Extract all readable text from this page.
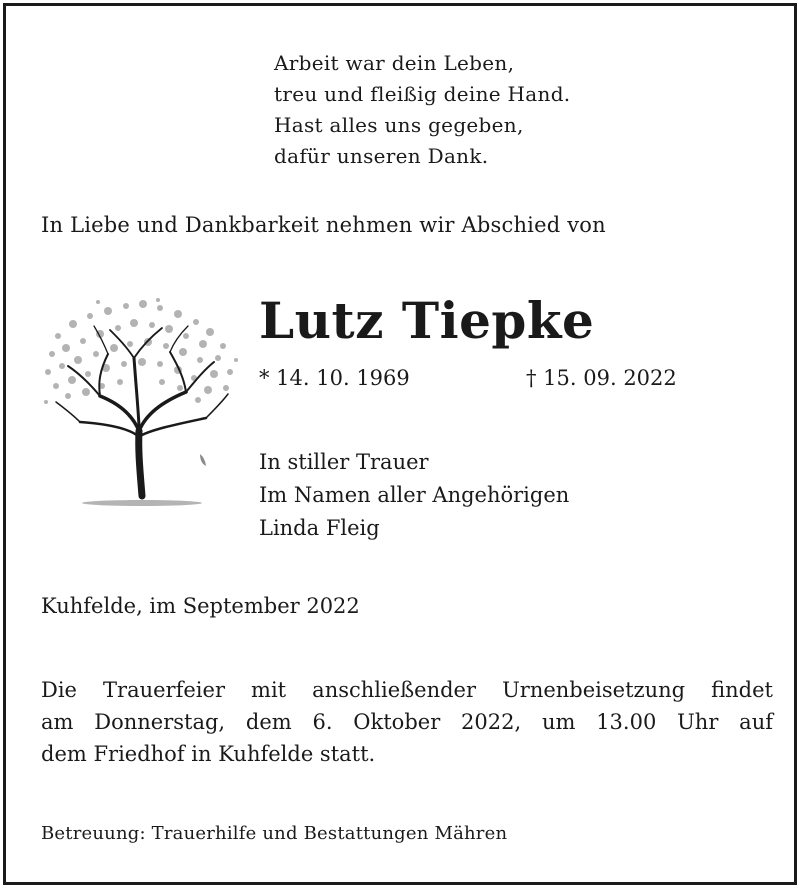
Arbeit war dein Leben,
treu und fleißig deine Hand.
Hast alles uns gegeben,
dafür unseren Dank.
In Liebe und Dankbarkeit nehmen wir Abschied von
Lutz Tiepke
* 14. 10. 1969	† 15. 09. 2022
In stiller Trauer
Im Namen aller Angehörigen
Linda Fleig
Kuhfelde, im September 2022
Die Trauerfeier mit anschließender Urnenbeisetzung findet
am Donnerstag, dem 6. Oktober 2022, um 13.00 Uhr auf
dem Friedhof in Kuhfelde statt.
Betreuung: Trauerhilfe und Bestattungen Mähren
